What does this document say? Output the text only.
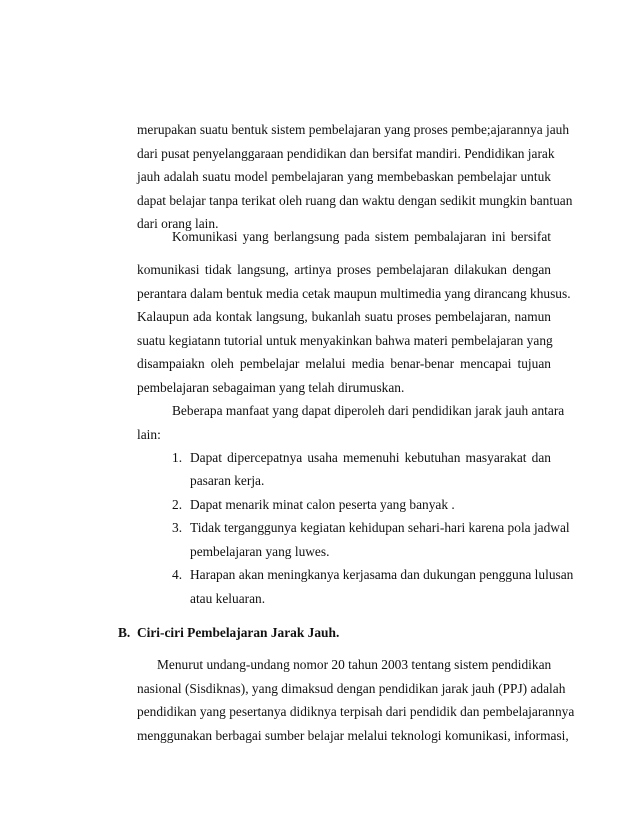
merupakan suatu bentuk sistem pembelajaran yang proses pembe;ajarannya jauh
dari pusat penyelanggaraan pendidikan dan bersifat mandiri. Pendidikan jarak
jauh adalah suatu model pembelajaran yang membebaskan pembelajar untuk
dapat belajar tanpa terikat oleh ruang dan waktu dengan sedikit mungkin bantuan
dari orang lain.
Komunikasi yang berlangsung pada sistem pembalajaran ini bersifat
komunikasi tidak langsung, artinya proses pembelajaran dilakukan dengan
perantara dalam bentuk media cetak maupun multimedia yang dirancang khusus.
Kalaupun ada kontak langsung, bukanlah suatu proses pembelajaran, namun
suatu kegiatann tutorial untuk menyakinkan bahwa materi pembelajaran yang
disampaiakn oleh pembelajar melalui media benar-benar mencapai tujuan
pembelajaran sebagaiman yang telah dirumuskan.
Beberapa manfaat yang dapat diperoleh dari pendidikan jarak jauh antara
lain:
1. Dapat dipercepatnya usaha memenuhi kebutuhan masyarakat dan
pasaran kerja.
2. Dapat menarik minat calon peserta yang banyak .
3. Tidak terganggunya kegiatan kehidupan sehari-hari karena pola jadwal
pembelajaran yang luwes.
4. Harapan akan meningkanya kerjasama dan dukungan pengguna lulusan
atau keluaran.
B.  Ciri-ciri Pembelajaran Jarak Jauh.
Menurut undang-undang nomor 20 tahun 2003 tentang sistem pendidikan
nasional (Sisdiknas), yang dimaksud dengan pendidikan jarak jauh (PPJ) adalah
pendidikan yang pesertanya didiknya terpisah dari pendidik dan pembelajarannya
menggunakan berbagai sumber belajar melalui teknologi komunikasi, informasi,
